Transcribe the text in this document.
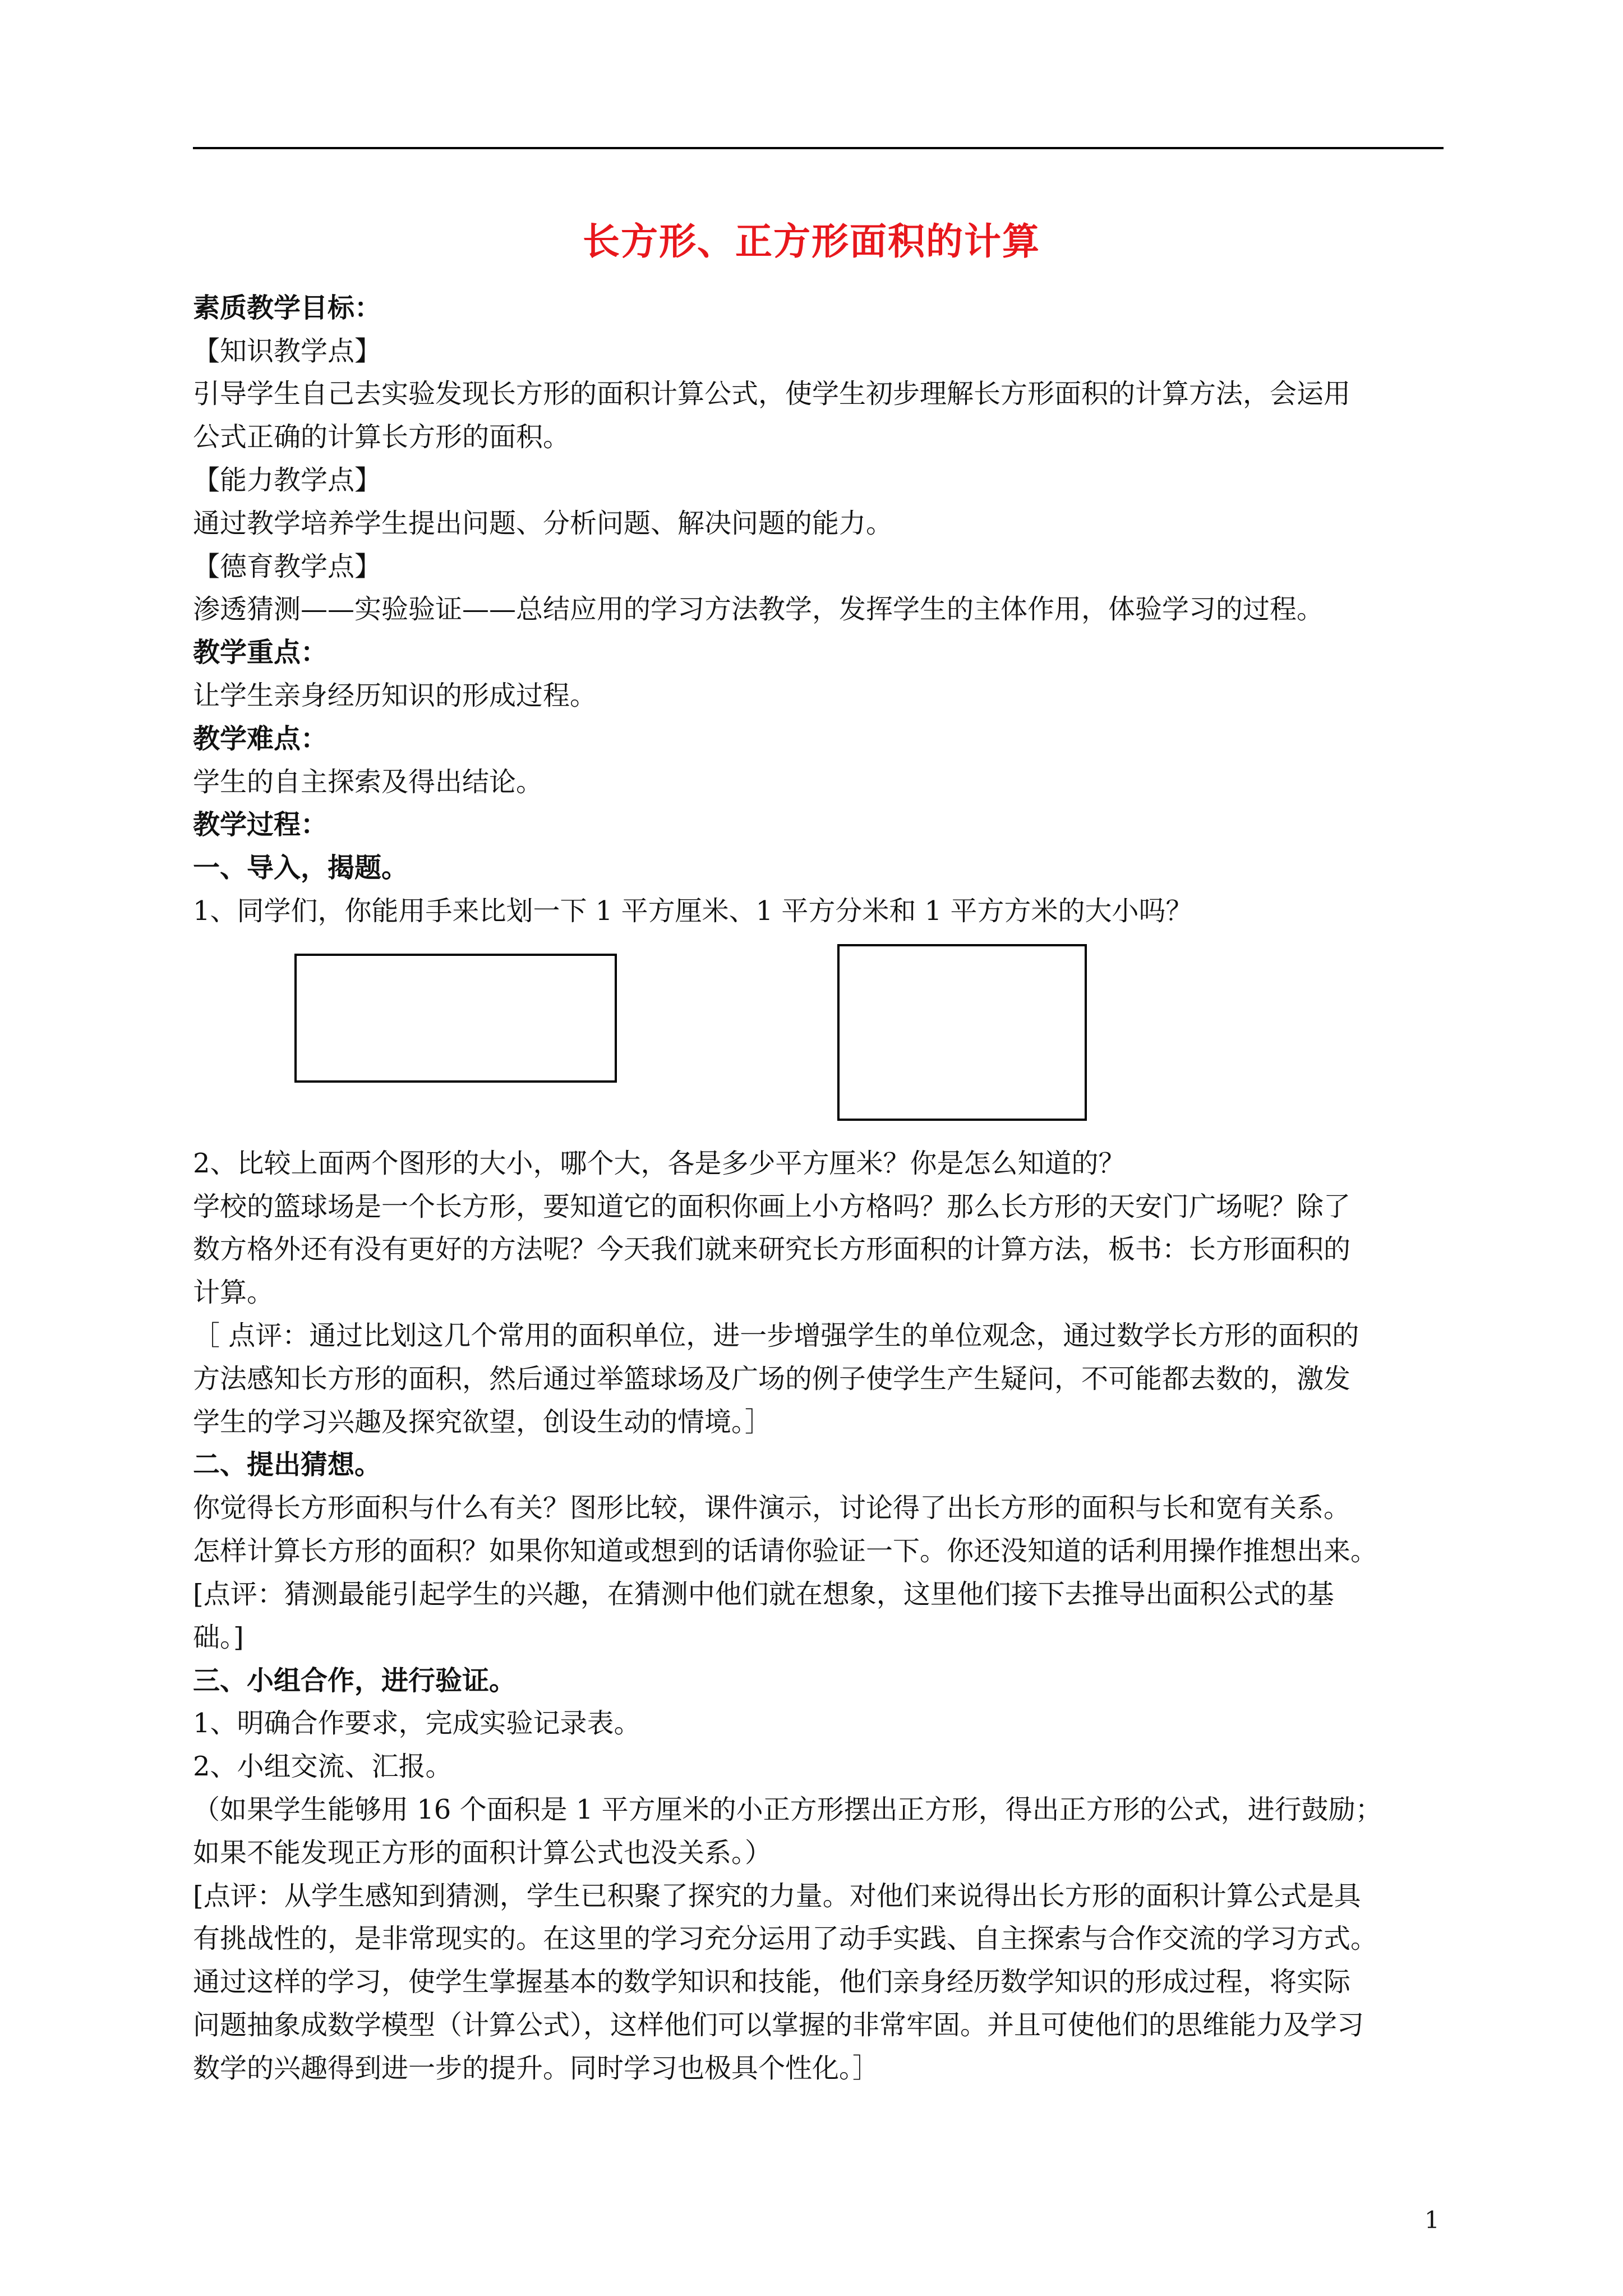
长方形、正方形面积的计算
素质教学目标：
【知识教学点】
引导学生自己去实验发现长方形的面积计算公式，使学生初步理解长方形面积的计算方法，会运用
公式正确的计算长方形的面积。
【能力教学点】
通过教学培养学生提出问题、分析问题、解决问题的能力。
【德育教学点】
渗透猜测——实验验证——总结应用的学习方法教学，发挥学生的主体作用，体验学习的过程。
教学重点：
让学生亲身经历知识的形成过程。
教学难点：
学生的自主探索及得出结论。
教学过程：
一、导入，揭题。
1、同学们，你能用手来比划一下 1 平方厘米、1 平方分米和 1 平方方米的大小吗？
2、比较上面两个图形的大小，哪个大，各是多少平方厘米？你是怎么知道的？
学校的篮球场是一个长方形，要知道它的面积你画上小方格吗？那么长方形的天安门广场呢？除了
数方格外还有没有更好的方法呢？今天我们就来研究长方形面积的计算方法，板书：长方形面积的
计算。
［ 点评：通过比划这几个常用的面积单位，进一步增强学生的单位观念，通过数学长方形的面积的
方法感知长方形的面积，然后通过举篮球场及广场的例子使学生产生疑问，不可能都去数的，激发
学生的学习兴趣及探究欲望，创设生动的情境。］
二、提出猜想。
你觉得长方形面积与什么有关？图形比较，课件演示，讨论得了出长方形的面积与长和宽有关系。
怎样计算长方形的面积？如果你知道或想到的话请你验证一下。你还没知道的话利用操作推想出来。
[点评：猜测最能引起学生的兴趣，在猜测中他们就在想象，这里他们接下去推导出面积公式的基
础。]
三、小组合作，进行验证。
1、明确合作要求，完成实验记录表。
2、小组交流、汇报。
（如果学生能够用 16 个面积是 1 平方厘米的小正方形摆出正方形，得出正方形的公式，进行鼓励；
如果不能发现正方形的面积计算公式也没关系。）
[点评：从学生感知到猜测，学生已积聚了探究的力量。对他们来说得出长方形的面积计算公式是具
有挑战性的，是非常现实的。在这里的学习充分运用了动手实践、自主探索与合作交流的学习方式。
通过这样的学习，使学生掌握基本的数学知识和技能，他们亲身经历数学知识的形成过程，将实际
问题抽象成数学模型（计算公式），这样他们可以掌握的非常牢固。并且可使他们的思维能力及学习
数学的兴趣得到进一步的提升。同时学习也极具个性化。］
1
